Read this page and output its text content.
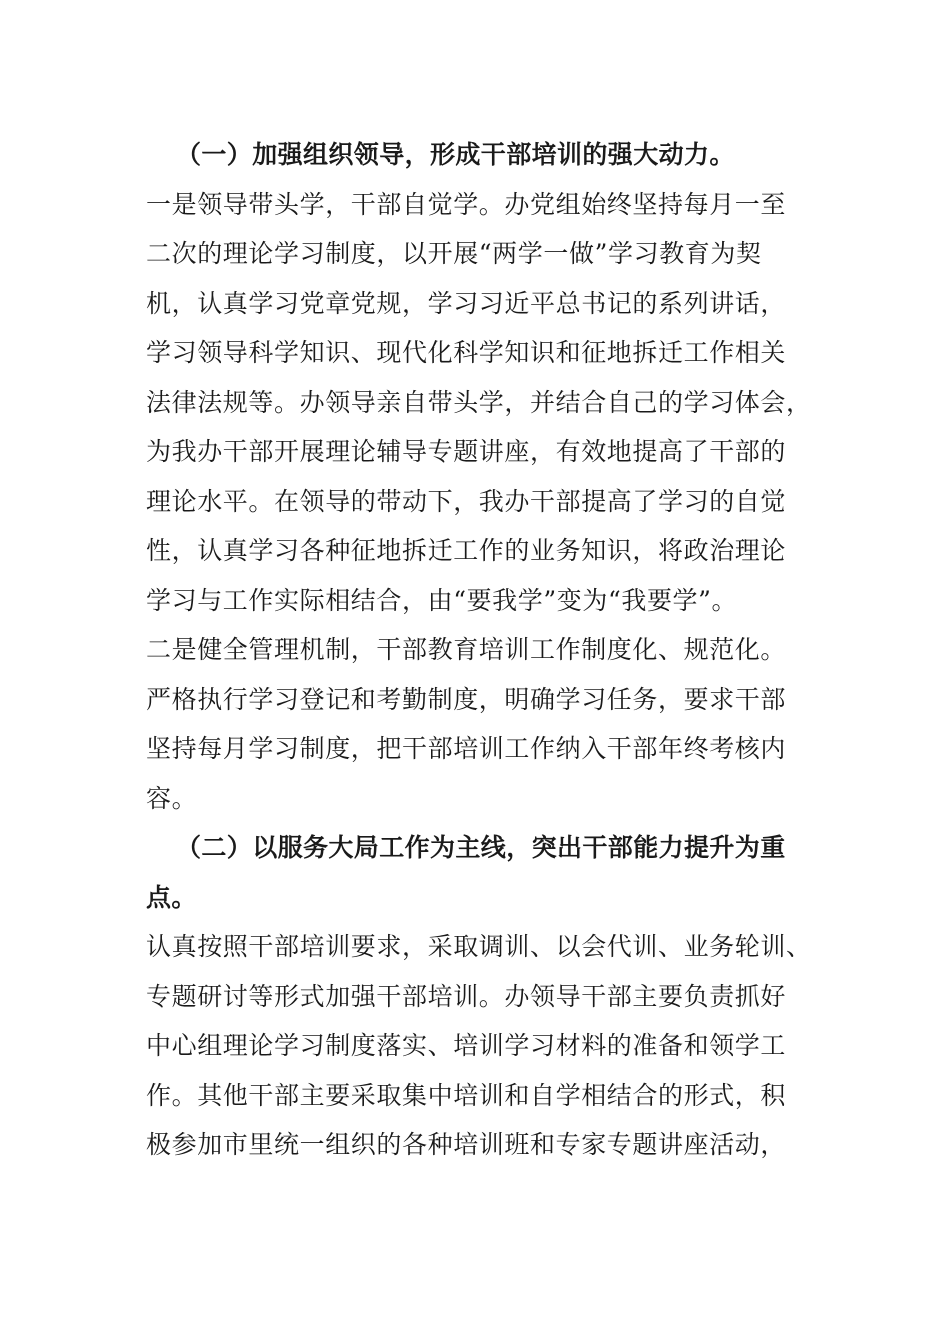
（一）加强组织领导，形成干部培训的强大动力。
一是领导带头学，干部自觉学。办党组始终坚持每月一至
二次的理论学习制度，以开展“两学一做”学习教育为契
机，认真学习党章党规，学习习近平总书记的系列讲话，
学习领导科学知识、现代化科学知识和征地拆迁工作相关
法律法规等。办领导亲自带头学，并结合自己的学习体会，
为我办干部开展理论辅导专题讲座，有效地提高了干部的
理论水平。在领导的带动下，我办干部提高了学习的自觉
性，认真学习各种征地拆迁工作的业务知识，将政治理论
学习与工作实际相结合，由“要我学”变为“我要学”。
二是健全管理机制，干部教育培训工作制度化、规范化。
严格执行学习登记和考勤制度，明确学习任务，要求干部
坚持每月学习制度，把干部培训工作纳入干部年终考核内
容。
（二）以服务大局工作为主线，突出干部能力提升为重
点。
认真按照干部培训要求，采取调训、以会代训、业务轮训、
专题研讨等形式加强干部培训。办领导干部主要负责抓好
中心组理论学习制度落实、培训学习材料的准备和领学工
作。其他干部主要采取集中培训和自学相结合的形式，积
极参加市里统一组织的各种培训班和专家专题讲座活动，
